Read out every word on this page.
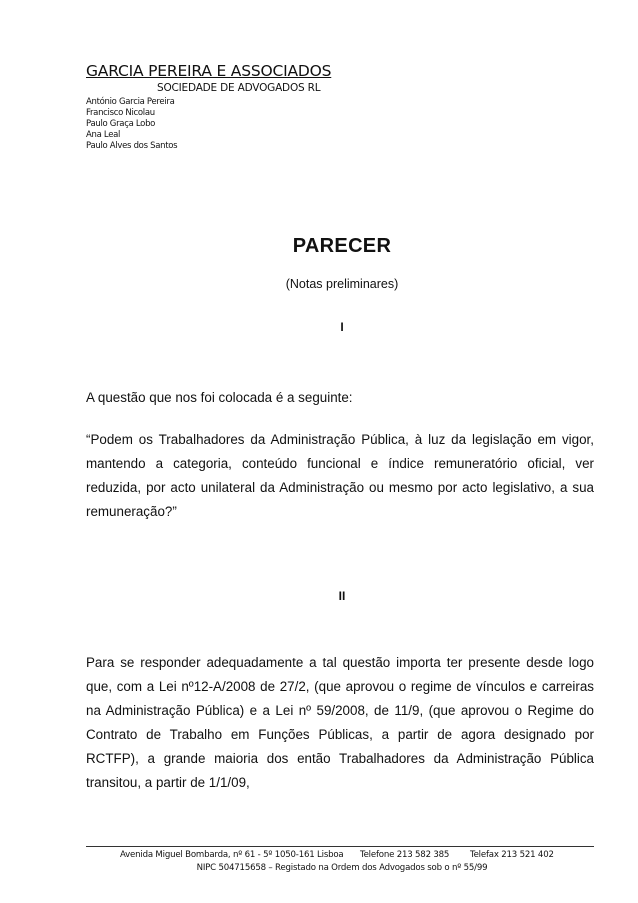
GARCIA PEREIRA E ASSOCIADOS
SOCIEDADE DE ADVOGADOS RL
António Garcia Pereira
Francisco Nicolau
Paulo Graça Lobo
Ana Leal
Paulo Alves dos Santos
PARECER
(Notas preliminares)
I
A questão que nos foi colocada é a seguinte:
“Podem os Trabalhadores da Administração Pública, à luz da legislação em vigor, mantendo a categoria, conteúdo funcional e índice remuneratório oficial, ver reduzida, por acto unilateral da Administração ou mesmo por acto legislativo, a sua remuneração?”
II
Para se responder adequadamente a tal questão importa ter presente desde logo que, com a Lei nº12-A/2008 de 27/2, (que aprovou o regime de vínculos e carreiras na Administração Pública) e a Lei nº 59/2008, de 11/9, (que aprovou o Regime do Contrato de Trabalho em Funções Públicas, a partir de agora designado por RCTFP), a grande maioria dos então Trabalhadores da Administração Pública transitou, a partir de 1/1/09,
Avenida Miguel Bombarda, nº 61 - 5º 1050-161 Lisboa Telefone 213 582 385 Telefax 213 521 402
NIPC 504715658 – Registado na Ordem dos Advogados sob o nº 55/99
